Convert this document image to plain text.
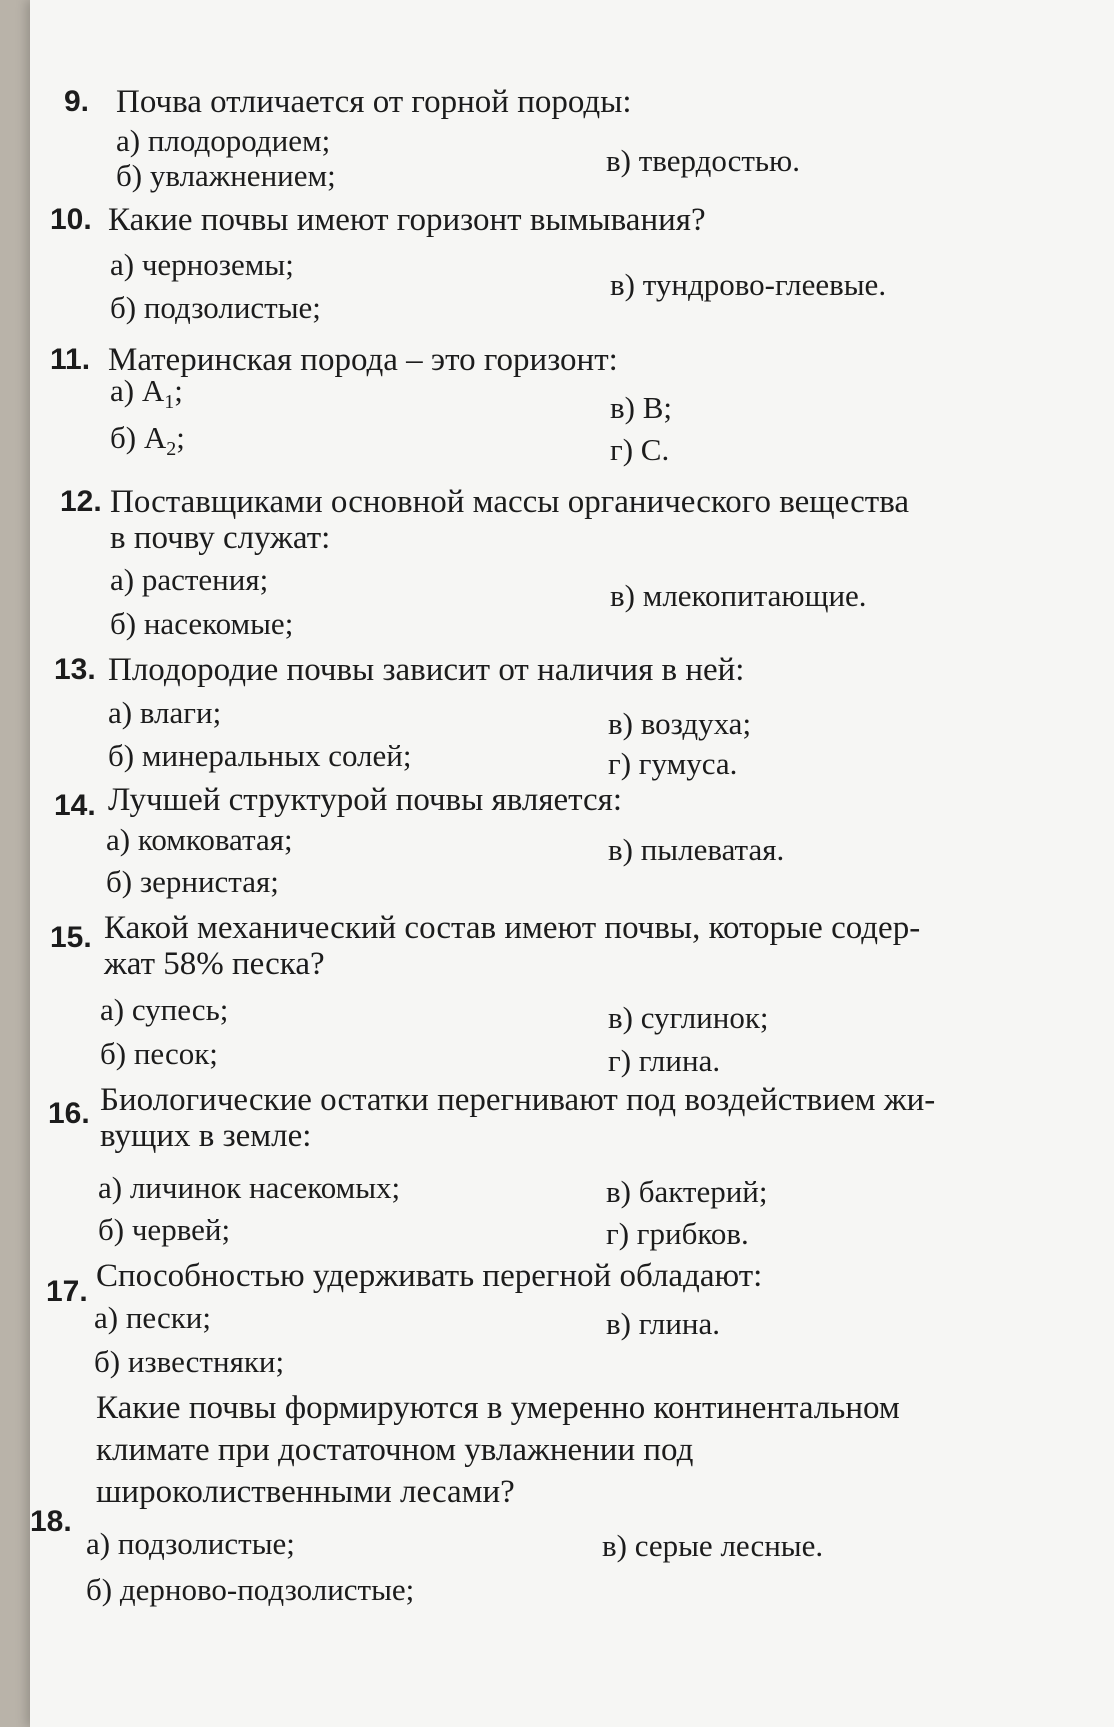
9. Почва отличается от горной породы:
а) плодородием;
б) увлажнением;	в) твердостью.
10. Какие почвы имеют горизонт вымывания?
а) черноземы;
б) подзолистые;
в) тундрово-глеевые.
11. Материнская порода – это горизонт:
а) $A_1$;
б) $A_2$;
в) B;
г) C.
12. Поставщиками основной массы органического вещества
в почву служат:
а) растения;
б) насекомые;
в) млекопитающие.
13. Плодородие почвы зависит от наличия в ней:
а) влаги;
б) минеральных солей;
в) воздуха;
г) гумуса.
14. Лучшей структурой почвы является:
а) комковатая;
б) зернистая;
в) пылеватая.
15. Какой механический состав имеют почвы, которые содер-
жат 58% песка?
а) супесь;
б) песок;
в) суглинок;
г) глина.
16. Биологические остатки перегнивают под воздействием жи-
вущих в земле:
а) личинок насекомых;
б) червей;
в) бактерий;
г) грибков.
17. Способностью удерживать перегной обладают:
а) пески;
б) известняки;
в) глина.
Какие почвы формируются в умеренно континентальном
климате при достаточном увлажнении под
широколиственными лесами?
18.
а) подзолистые;
б) дерново-подзолистые;
в) серые лесные.
